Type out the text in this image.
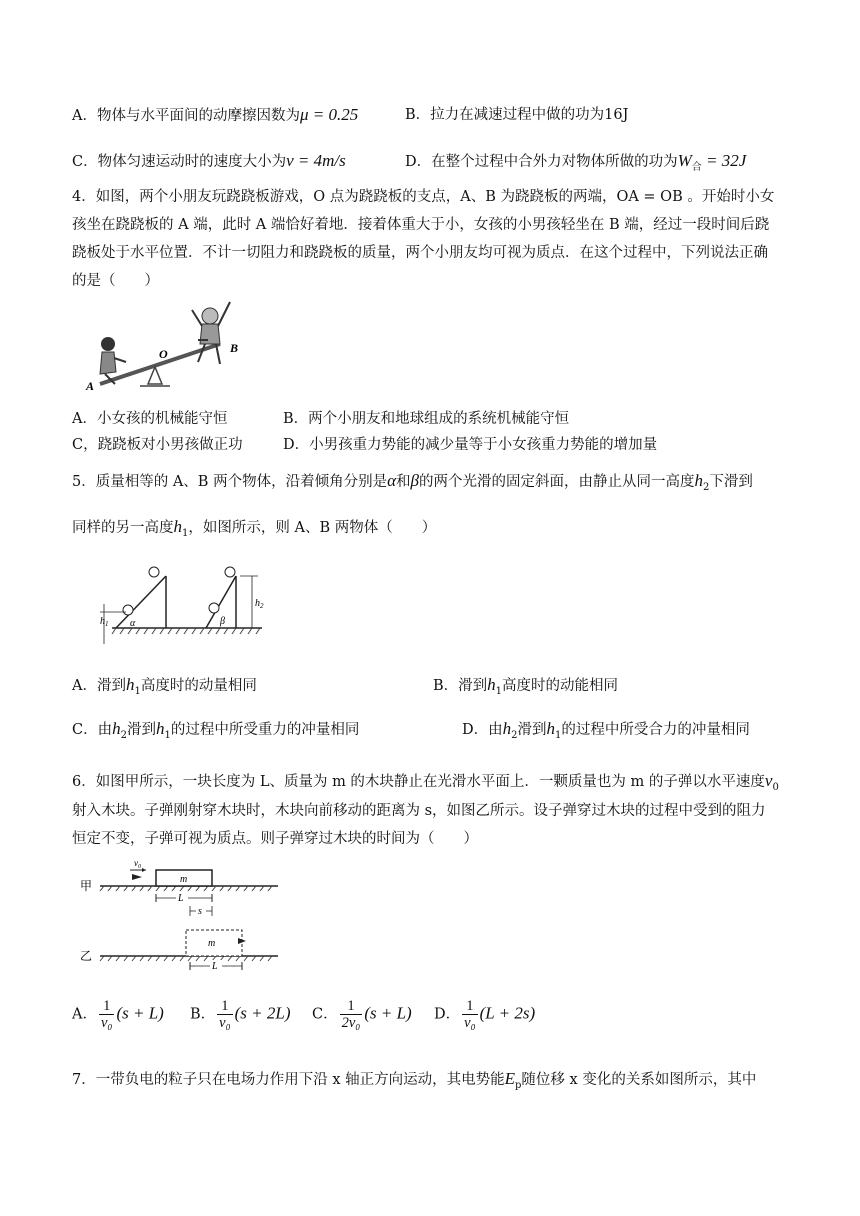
A．物体与水平面间的动摩擦因数为μ = 0.25	B．拉力在减速过程中做的功为16J
C．物体匀速运动时的速度大小为v = 4m/s	D．在整个过程中合外力对物体所做的功为$W_合 = 32J$
4．如图，两个小朋友玩跷跷板游戏，O 点为跷跷板的支点，A、B 为跷跷板的两端，OA = OB 。开始时小女
孩坐在跷跷板的 A 端，此时 A 端恰好着地．接着体重大于小，女孩的小男孩轻坐在 B 端，经过一段时间后跷
跷板处于水平位置．不计一切阻力和跷跷板的质量，两个小朋友均可视为质点．在这个过程中，下列说法正确
的是（　　）
A
O	B
A．小女孩的机械能守恒	B．两个小朋友和地球组成的系统机械能守恒
C，跷跷板对小男孩做正功	D．小男孩重力势能的减少量等于小女孩重力势能的增加量
5．质量相等的 A、B 两个物体，沿着倾角分别是α和β的两个光滑的固定斜面，由静止从同一高度$h_2$下滑到
同样的另一高度$h_1$，如图所示，则 A、B 两物体（　　）
$h_1$
$h_2$
α	β
A．滑到$h_1$高度时的动量相同	B．滑到$h_1$高度时的动能相同
C．由$h_2$滑到$h_1$的过程中所受重力的冲量相同	D．由$h_2$滑到$h_1$的过程中所受合力的冲量相同
6．如图甲所示，一块长度为 L、质量为 m 的木块静止在光滑水平面上．一颗质量也为 m 的子弹以水平速度$v_0$
射入木块。子弹刚射穿木块时，木块向前移动的距离为 s，如图乙所示。设子弹穿过木块的过程中受到的阻力
恒定不变，子弹可视为质点。则子弹穿过木块的时间为（　　）
甲	m
$v_0$
L
s
乙
m
L
A． $\frac{1}{\text{v₀}} (s + L)$ B． $\frac{1}{\text{v₀}} (s + 2L)$ C． $\frac{1}{\text{2v₀}} (s + L)$ D． $\frac{1}{\text{v₀}} (L + 2s)$
7．一带负电的粒子只在电场力作用下沿 x 轴正方向运动，其电势能$E_p$随位移 x 变化的关系如图所示，其中
